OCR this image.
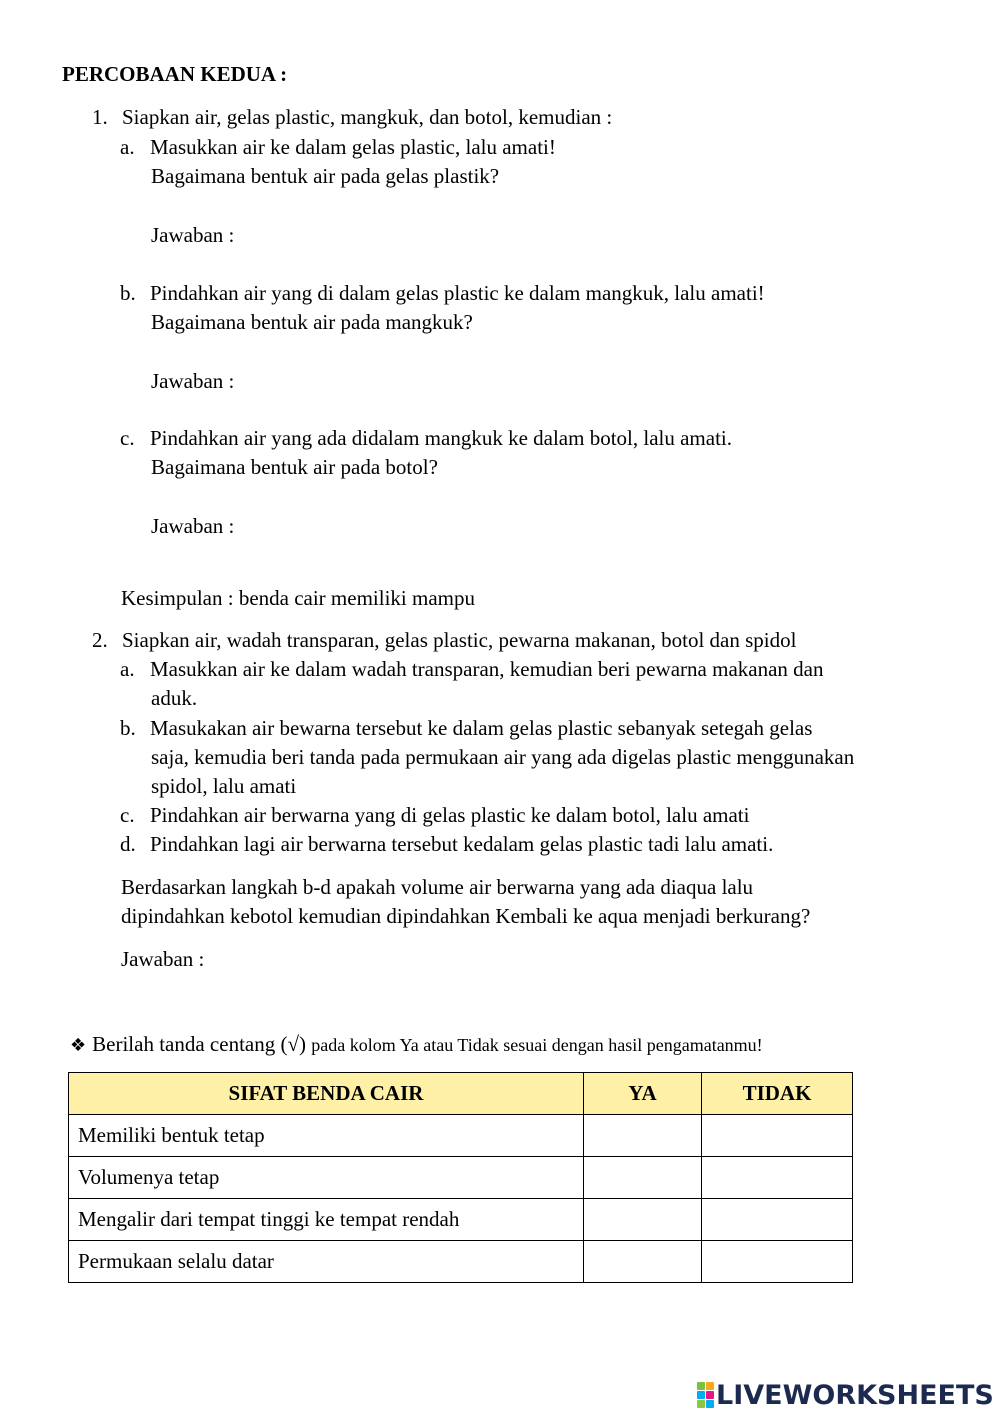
PERCOBAAN KEDUA :
1. Siapkan air, gelas plastic, mangkuk, dan botol, kemudian :
a. Masukkan air ke dalam gelas plastic, lalu amati!
Bagaimana bentuk air pada gelas plastik?
Jawaban :
b. Pindahkan air yang di dalam gelas plastic ke dalam mangkuk, lalu amati!
Bagaimana bentuk air pada mangkuk?
Jawaban :
c. Pindahkan air yang ada didalam mangkuk ke dalam botol, lalu amati.
Bagaimana bentuk air pada botol?
Jawaban :
Kesimpulan : benda cair memiliki mampu
2. Siapkan air, wadah transparan, gelas plastic, pewarna makanan, botol dan spidol
a. Masukkan air ke dalam wadah transparan, kemudian beri pewarna makanan dan
aduk.
b. Masukakan air bewarna tersebut ke dalam gelas plastic sebanyak setegah gelas
saja, kemudia beri tanda pada permukaan air yang ada digelas plastic menggunakan
spidol, lalu amati
c. Pindahkan air berwarna yang di gelas plastic ke dalam botol, lalu amati
d. Pindahkan lagi air berwarna tersebut kedalam gelas plastic tadi lalu amati.
Berdasarkan langkah b-d apakah volume air berwarna yang ada diaqua lalu
dipindahkan kebotol kemudian dipindahkan Kembali ke aqua menjadi berkurang?
Jawaban :
❖ Berilah tanda centang (√) pada kolom Ya atau Tidak sesuai dengan hasil pengamatanmu!
SIFAT BENDA CAIR	YA	TIDAK
Memiliki bentuk tetap		
Volumenya tetap		
Mengalir dari tempat tinggi ke tempat rendah		
Permukaan selalu datar		
LIVEWORKSHEETS
